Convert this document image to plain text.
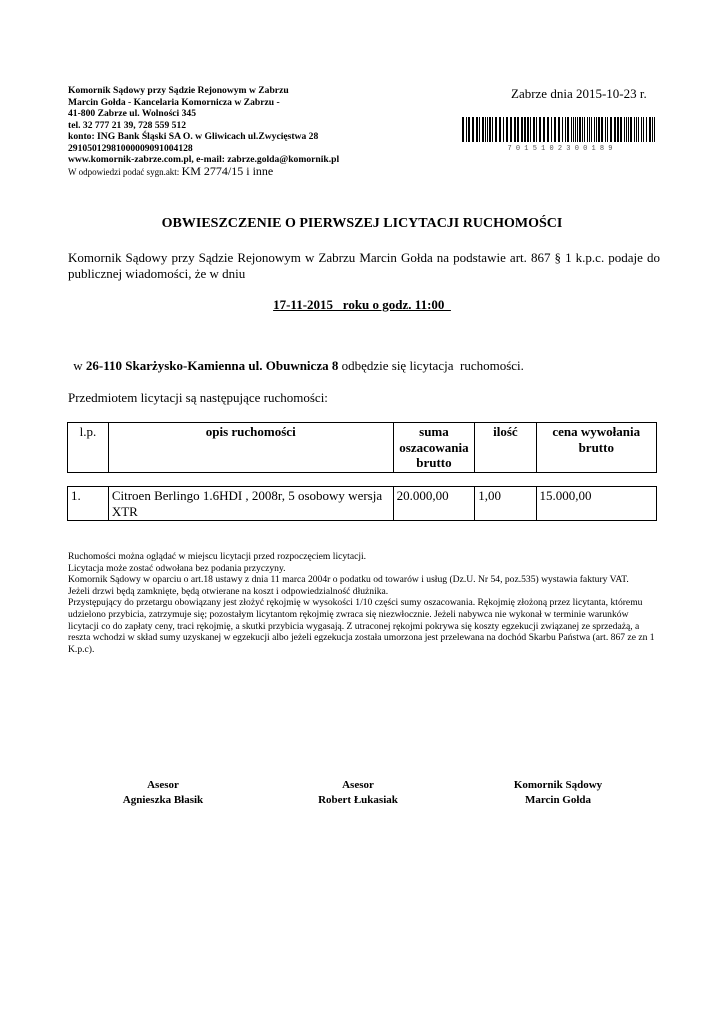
Komornik Sądowy przy Sądzie Rejonowym w Zabrzu
Marcin Gołda - Kancelaria Komornicza w Zabrzu -
41-800 Zabrze ul. Wolności 345
tel. 32 777 21 39, 728 559 512
konto: ING Bank Śląski SA O. w Gliwicach ul.Zwycięstwa 28
29105012981000009091004128
www.komornik-zabrze.com.pl, e-mail: zabrze.golda@komornik.pl
W odpowiedzi podać sygn.akt: KM 2774/15 i inne
Zabrze dnia 2015-10-23 r.
7 0 1 5 1 0 2 3 0 0 1 8 9
OBWIESZCZENIE O PIERWSZEJ LICYTACJI RUCHOMOŚCI
Komornik Sądowy przy Sądzie Rejonowym w Zabrzu Marcin Gołda na podstawie art. 867 § 1 k.p.c. podaje do publicznej wiadomości, że w dniu
17-11-2015   roku o godz. 11:00
w 26-110 Skarżysko-Kamienna ul. Obuwnicza 8 odbędzie się licytacja  ruchomości.
Przedmiotem licytacji są następujące ruchomości:
l.p.	opis ruchomości	suma oszacowania brutto	ilość	cena wywołania brutto
1.	Citroen Berlingo 1.6HDI , 2008r, 5 osobowy wersja XTR	20.000,00	1,00	15.000,00
Ruchomości można oglądać w miejscu licytacji przed rozpoczęciem licytacji.
Licytacja może zostać odwołana bez podania przyczyny.
Komornik Sądowy w oparciu o art.18 ustawy z dnia 11 marca 2004r o podatku od towarów i usług (Dz.U. Nr 54, poz.535) wystawia faktury VAT.
Jeżeli drzwi będą zamknięte, będą otwierane na koszt i odpowiedzialność dłużnika.
Przystępujący do przetargu obowiązany jest złożyć rękojmię w wysokości 1/10 części sumy oszacowania. Rękojmię złożoną przez licytanta, któremu udzielono przybicia, zatrzymuje się; pozostałym licytantom rękojmię zwraca się niezwłocznie. Jeżeli nabywca nie wykonał w terminie warunków licytacji co do zapłaty ceny, traci rękojmię, a skutki przybicia wygasają. Z utraconej rękojmi pokrywa się koszty egzekucji związanej ze sprzedażą, a reszta wchodzi w skład sumy uzyskanej w egzekucji albo jeżeli egzekucja została umorzona jest przelewana na dochód Skarbu Państwa (art. 867 ze zn 1 K.p.c).
Asesor
Agnieszka Błasik
Asesor
Robert Łukasiak
Komornik Sądowy
Marcin Gołda
